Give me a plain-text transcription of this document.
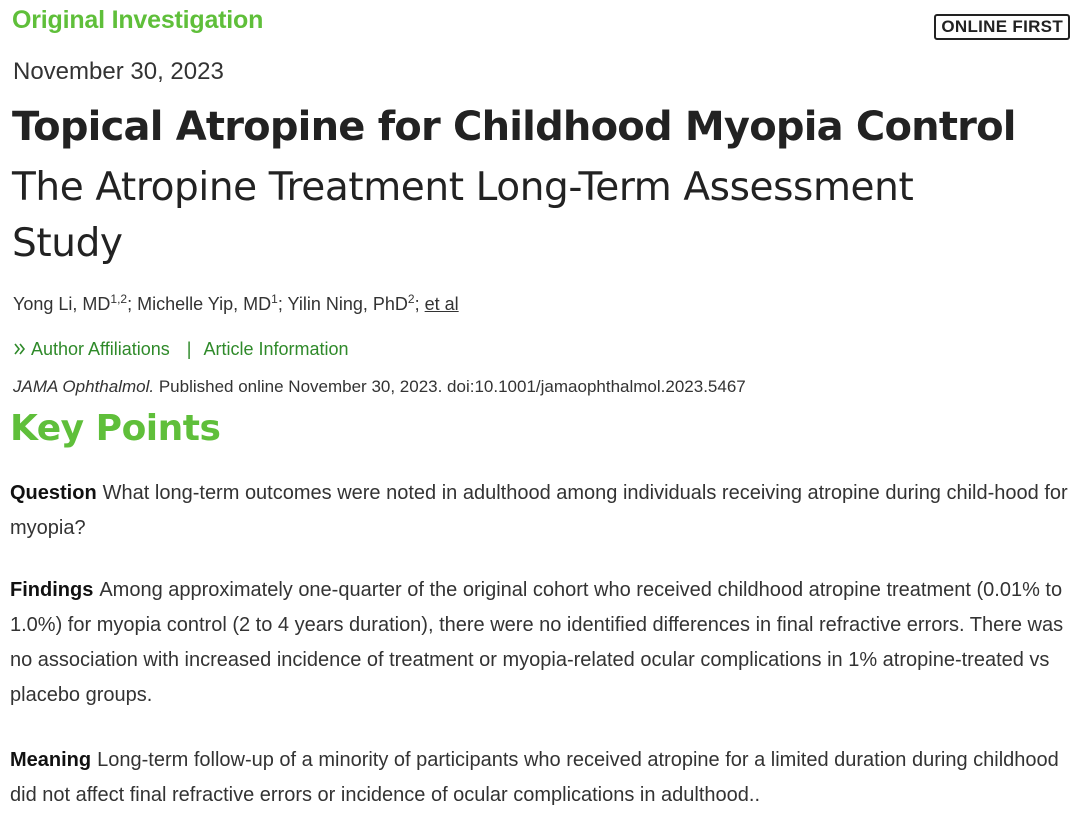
Original Investigation	ONLINE FIRST
November 30, 2023
Topical Atropine for Childhood Myopia Control
The Atropine Treatment Long-Term Assessment Study
Yong Li, MD$^{1,2}$; Michelle Yip, $MD^1$; Yilin Ning, PhD$^2$; et al
Author Affiliations | Article Information
JAMA Ophthalmol. Published online November 30, 2023. doi:10.1001/jamaophthalmol.2023.5467
Key Points
Question What long-term outcomes were noted in adulthood among individuals receiving atropine during child-hood for myopia?
Findings Among approximately one-quarter of the original cohort who received childhood atropine treatment (0.01% to 1.0%) for myopia control (2 to 4 years duration), there were no identified differences in final refractive errors. There was no association with increased incidence of treatment or myopia-related ocular complications in 1% atropine-treated vs placebo groups.
Meaning Long-term follow-up of a minority of participants who received atropine for a limited duration during childhood did not affect final refractive errors or incidence of ocular complications in adulthood..
